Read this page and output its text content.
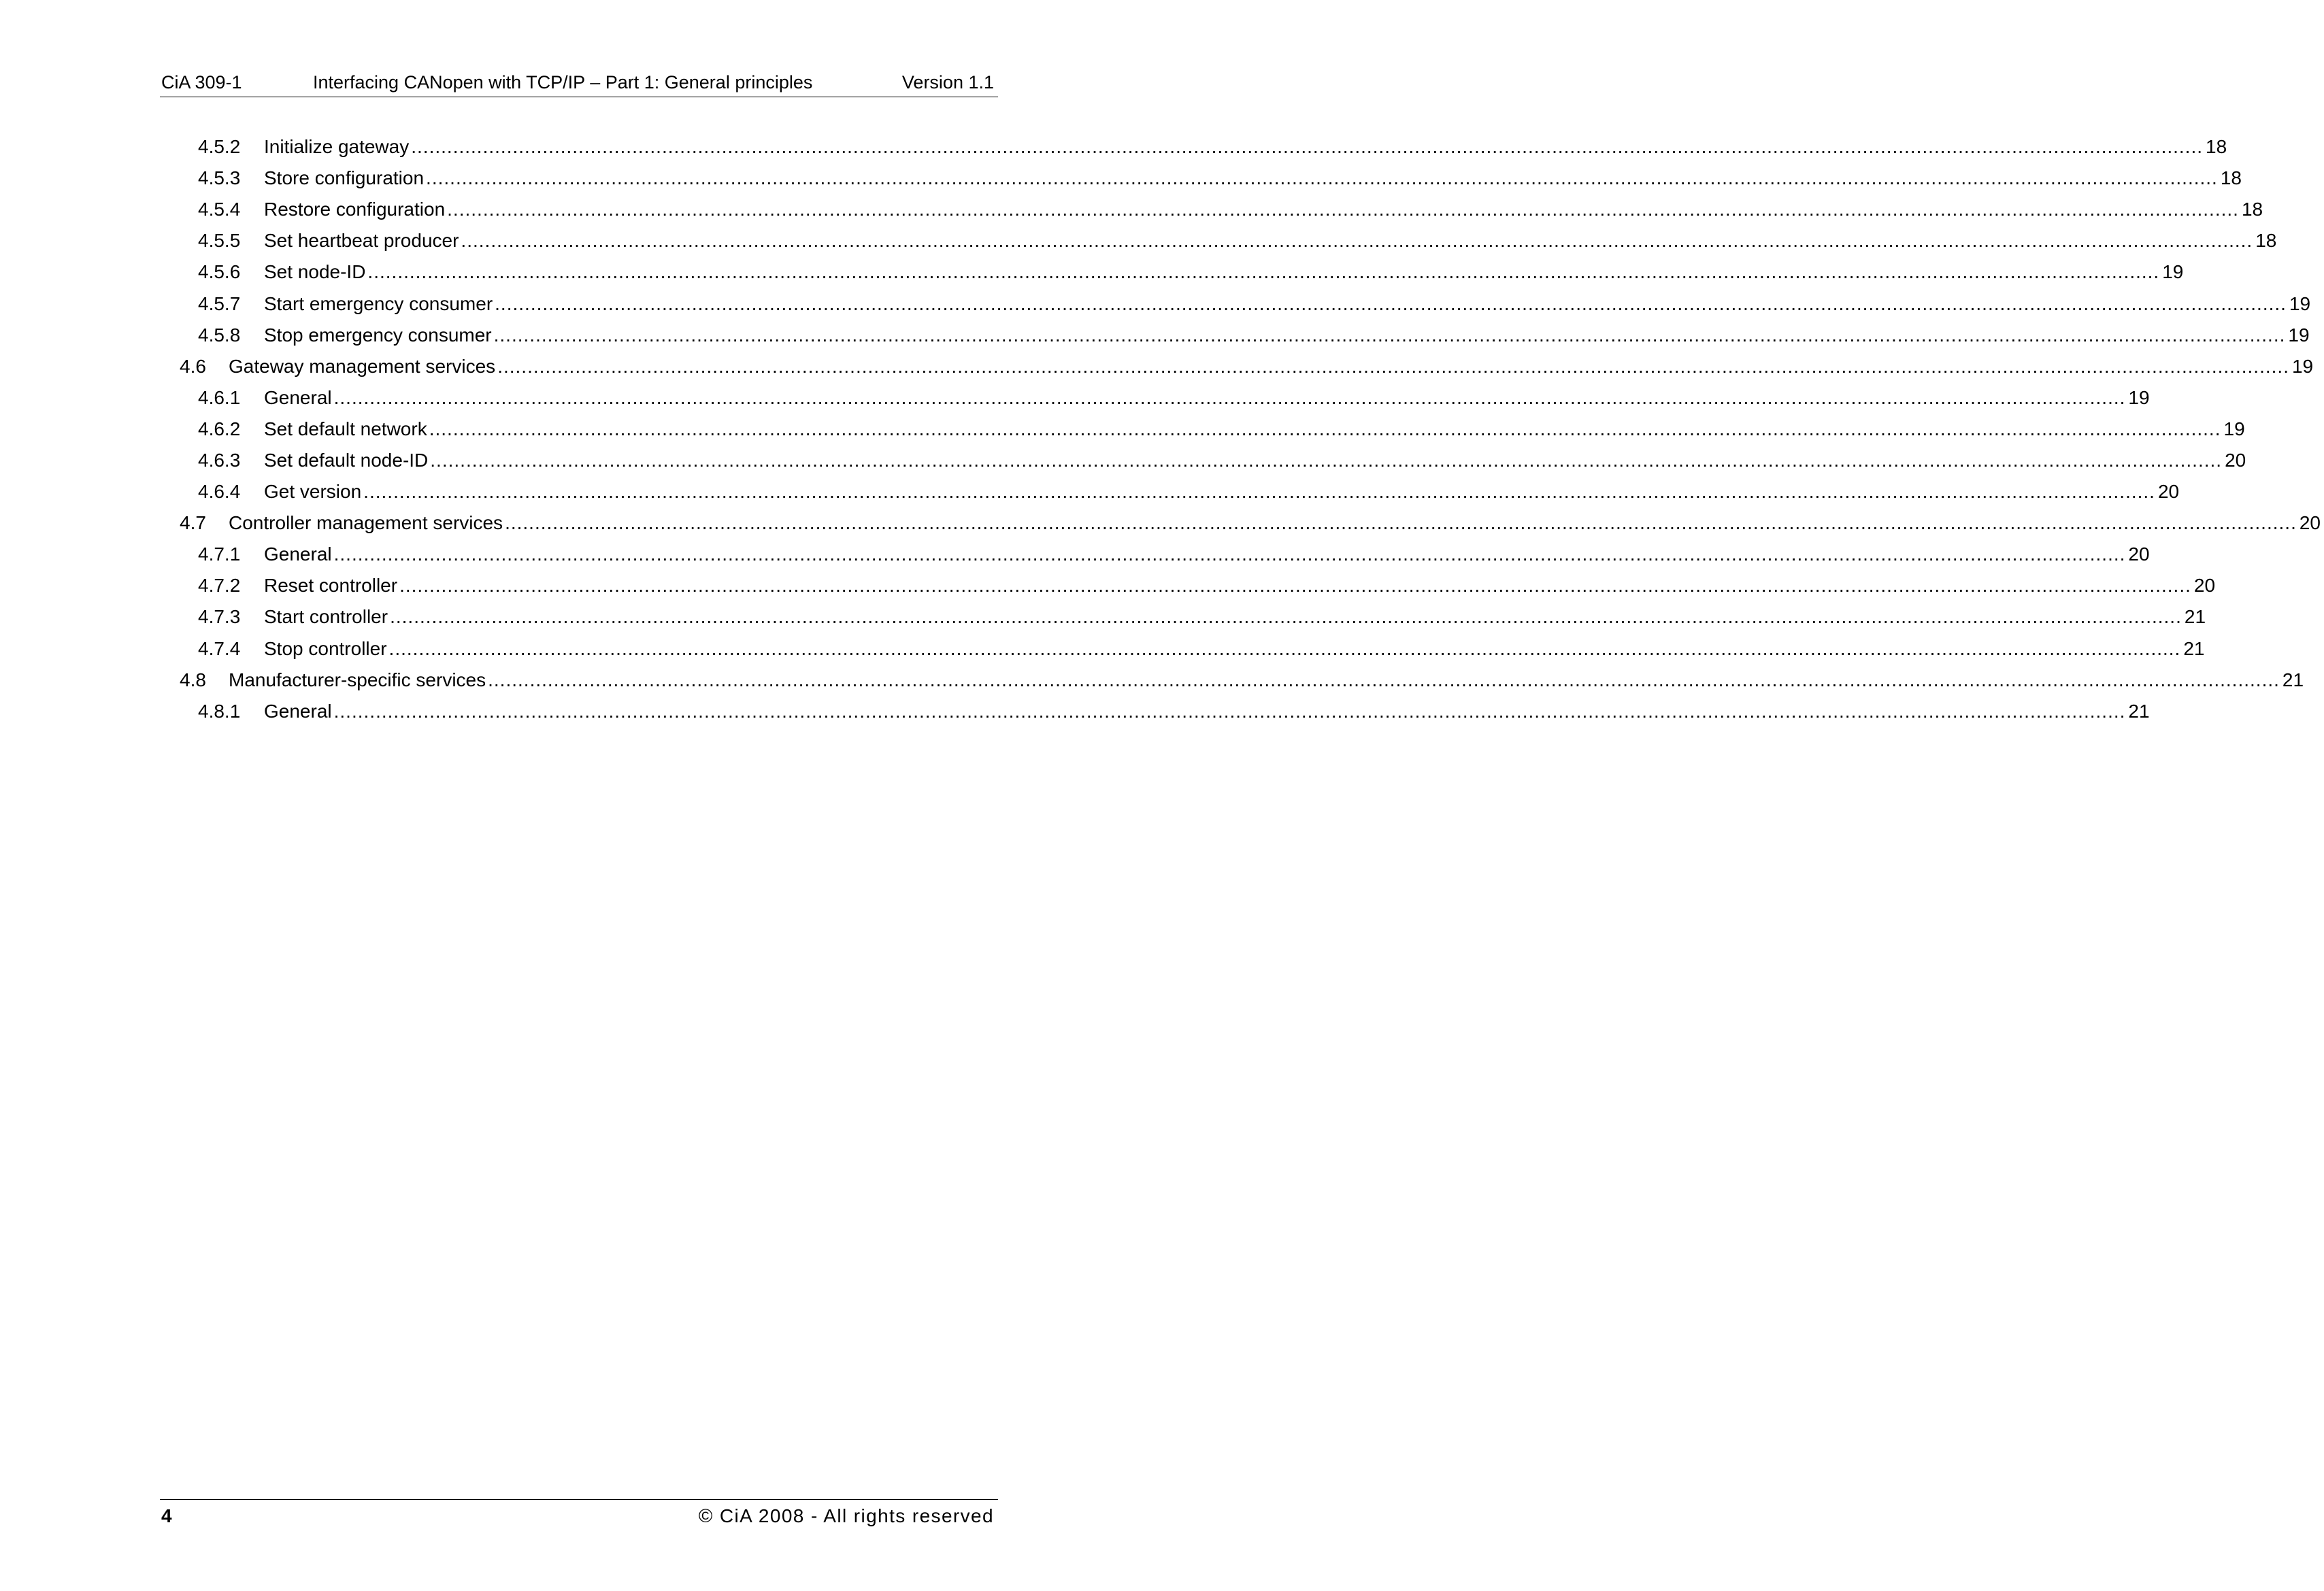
CiA 309-1	Interfacing CANopen with TCP/IP – Part 1: General principles	Version 1.1
4.5.2	Initialize gateway ............................................................................................................................................................................................................................................................................................................ 18
4.5.3	Store configuration ............................................................................................................................................................................................................................................................................................................ 18
4.5.4	Restore configuration ............................................................................................................................................................................................................................................................................................................ 18
4.5.5	Set heartbeat producer ............................................................................................................................................................................................................................................................................................................ 18
4.5.6	Set node-ID ............................................................................................................................................................................................................................................................................................................ 19
4.5.7	Start emergency consumer ............................................................................................................................................................................................................................................................................................................ 19
4.5.8	Stop emergency consumer ............................................................................................................................................................................................................................................................................................................ 19
4.6	Gateway management services ............................................................................................................................................................................................................................................................................................................ 19
4.6.1	General ............................................................................................................................................................................................................................................................................................................ 19
4.6.2	Set default network ............................................................................................................................................................................................................................................................................................................ 19
4.6.3	Set default node-ID ............................................................................................................................................................................................................................................................................................................ 20
4.6.4	Get version ............................................................................................................................................................................................................................................................................................................ 20
4.7	Controller management services ............................................................................................................................................................................................................................................................................................................ 20
4.7.1	General ............................................................................................................................................................................................................................................................................................................ 20
4.7.2	Reset controller ............................................................................................................................................................................................................................................................................................................ 20
4.7.3	Start controller ............................................................................................................................................................................................................................................................................................................ 21
4.7.4	Stop controller ............................................................................................................................................................................................................................................................................................................ 21
4.8	Manufacturer-specific services ............................................................................................................................................................................................................................................................................................................ 21
4.8.1	General ............................................................................................................................................................................................................................................................................................................ 21
4	© CiA 2008 - All rights reserved
